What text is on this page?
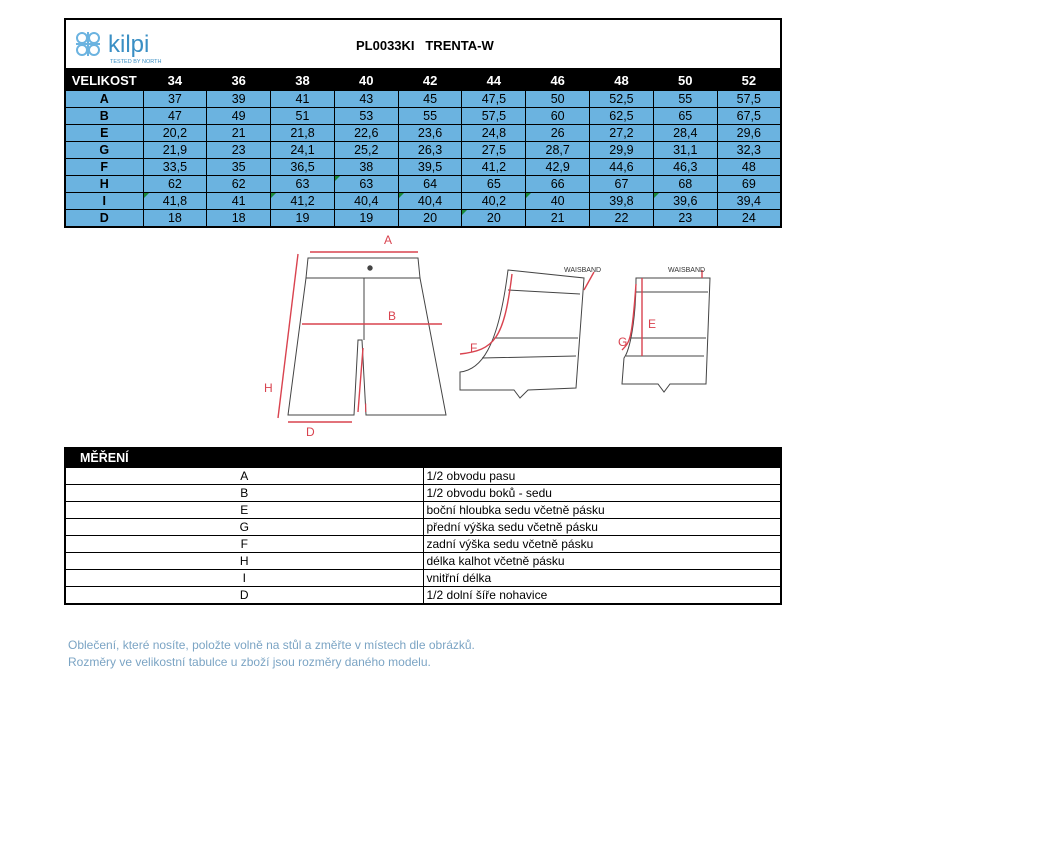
kilpi
TESTED BY NORTH
PL0033KI   TRENTA-W
VELIKOST	34	36	38	40	42	44	46	48	50	52
A	37	39	41	43	45	47,5	50	52,5	55	57,5
B	47	49	51	53	55	57,5	60	62,5	65	67,5
E	20,2	21	21,8	22,6	23,6	24,8	26	27,2	28,4	29,6
G	21,9	23	24,1	25,2	26,3	27,5	28,7	29,9	31,1	32,3
F	33,5	35	36,5	38	39,5	41,2	42,9	44,6	46,3	48
H	62	62	63	63	64	65	66	67	68	69
I	41,8	41	41,2	40,4	40,4	40,2	40	39,8	39,6	39,4
D	18	18	19	19	20	20	21	22	23	24
A
B
H
I
D
F
E
G
WAISBAND	WAISBAND
MĚŘENÍ	
A	1/2 obvodu pasu
B	1/2 obvodu boků - sedu
E	boční hloubka sedu včetně pásku
G	přední výška sedu včetně pásku
F	zadní výška sedu včetně pásku
H	délka kalhot včetně pásku
I	vnitřní délka
D	1/2 dolní šíře nohavice
Oblečení, které nosíte, položte volně na stůl a změřte v místech dle obrázků.
Rozměry ve velikostní tabulce u zboží jsou rozměry daného modelu.
